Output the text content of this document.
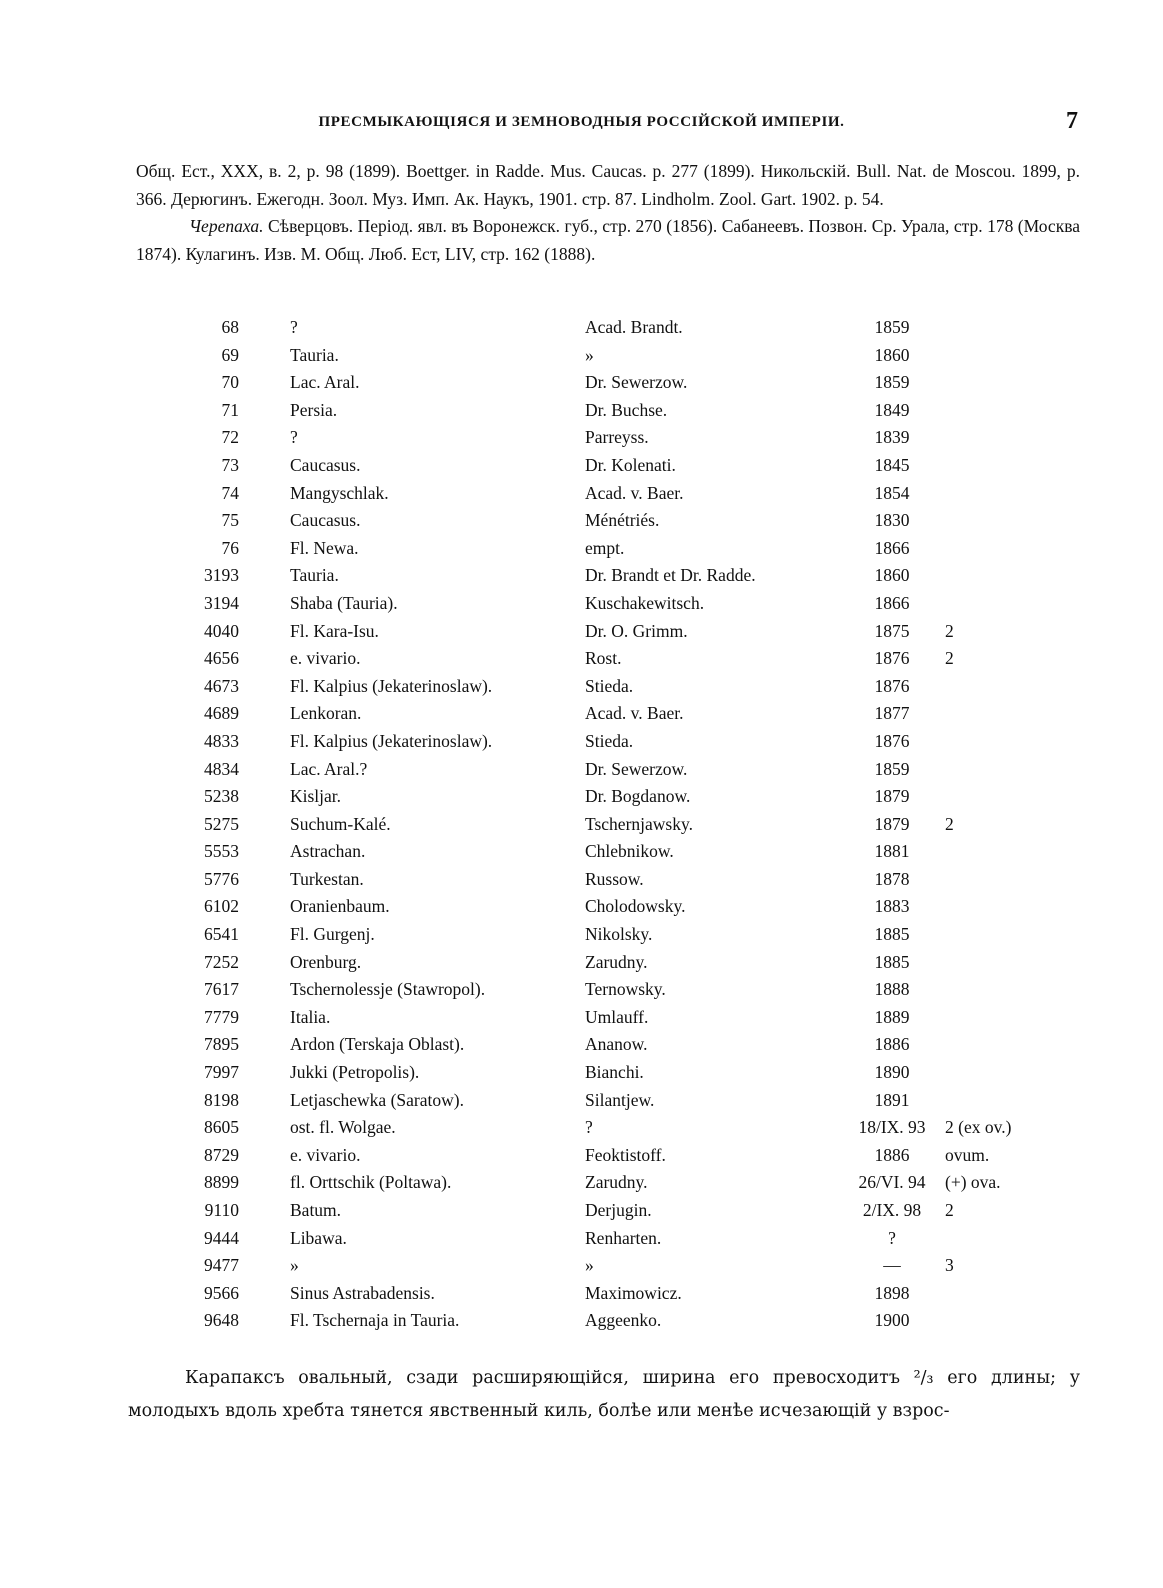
ПРЕСМЫКАЮЩІЯСЯ И ЗЕМНОВОДНЫЯ РОССІЙСКОЙ ИМПЕРІИ.	7

Общ. Ест., XXX, в. 2, p. 98 (1899). Boettger. in Radde. Mus. Caucas. p. 277 (1899). Никольскій. Bull. Nat. de Moscou. 1899, p. 366. Дерюгинъ. Ежегодн. Зоол. Муз. Имп. Ак. Наукъ, 1901. стр. 87. Lindholm. Zool. Gart. 1902. p. 54.

Черепаха. Сѣверцовъ. Період. явл. въ Воронежск. губ., стр. 270 (1856). Сабанеевъ. Позвон. Ср. Урала, стр. 178 (Москва 1874). Кулагинъ. Изв. М. Общ. Люб. Ест, LIV, стр. 162 (1888).

68	?	Acad. Brandt.	1859
69	Tauria.	»	1860
70	Lac. Aral.	Dr. Sewerzow.	1859
71	Persia.	Dr. Buchse.	1849
72	?	Parreyss.	1839
73	Caucasus.	Dr. Kolenati.	1845
74	Mangyschlak.	Acad. v. Baer.	1854
75	Caucasus.	Ménétriés.	1830
76	Fl. Newa.	empt.	1866
3193	Tauria.	Dr. Brandt et Dr. Radde.	1860
3194	Shaba (Tauria).	Kuschakewitsch.	1866
4040	Fl. Kara-Isu.	Dr. O. Grimm.	1875	2
4656	e. vivario.	Rost.	1876	2
4673	Fl. Kalpius (Jekaterinoslaw).	Stieda.	1876
4689	Lenkoran.	Acad. v. Baer.	1877
4833	Fl. Kalpius (Jekaterinoslaw).	Stieda.	1876
4834	Lac. Aral.?	Dr. Sewerzow.	1859
5238	Kisljar.	Dr. Bogdanow.	1879
5275	Suchum-Kalé.	Tschernjawsky.	1879	2
5553	Astrachan.	Chlebnikow.	1881
5776	Turkestan.	Russow.	1878
6102	Oranienbaum.	Cholodowsky.	1883
6541	Fl. Gurgenj.	Nikolsky.	1885
7252	Orenburg.	Zarudny.	1885
7617	Tschernolessje (Stawropol).	Ternowsky.	1888
7779	Italia.	Umlauff.	1889
7895	Ardon (Terskaja Oblast).	Ananow.	1886
7997	Jukki (Petropolis).	Bianchi.	1890
8198	Letjaschewka (Saratow).	Silantjew.	1891
8605	ost. fl. Wolgae.	?	18/IX. 93	2 (ex ov.)
8729	e. vivario.	Feoktistoff.	1886	ovum.
8899	fl. Orttschik (Poltawa).	Zarudny.	26/VI. 94	(+) ova.
9110	Batum.	Derjugin.	2/IX. 98	2
9444	Libawa.	Renharten.	?
9477	»	»	—	3
9566	Sinus Astrabadensis.	Maximowicz.	1898
9648	Fl. Tschernaja in Tauria.	Aggeenko.	1900

Карапаксъ овальный, сзади расширяющійся, ширина его превосходитъ ²/₃ его длины; у молодыхъ вдоль хребта тянется явственный киль, болѣе или менѣе исчезающій у взрос-
